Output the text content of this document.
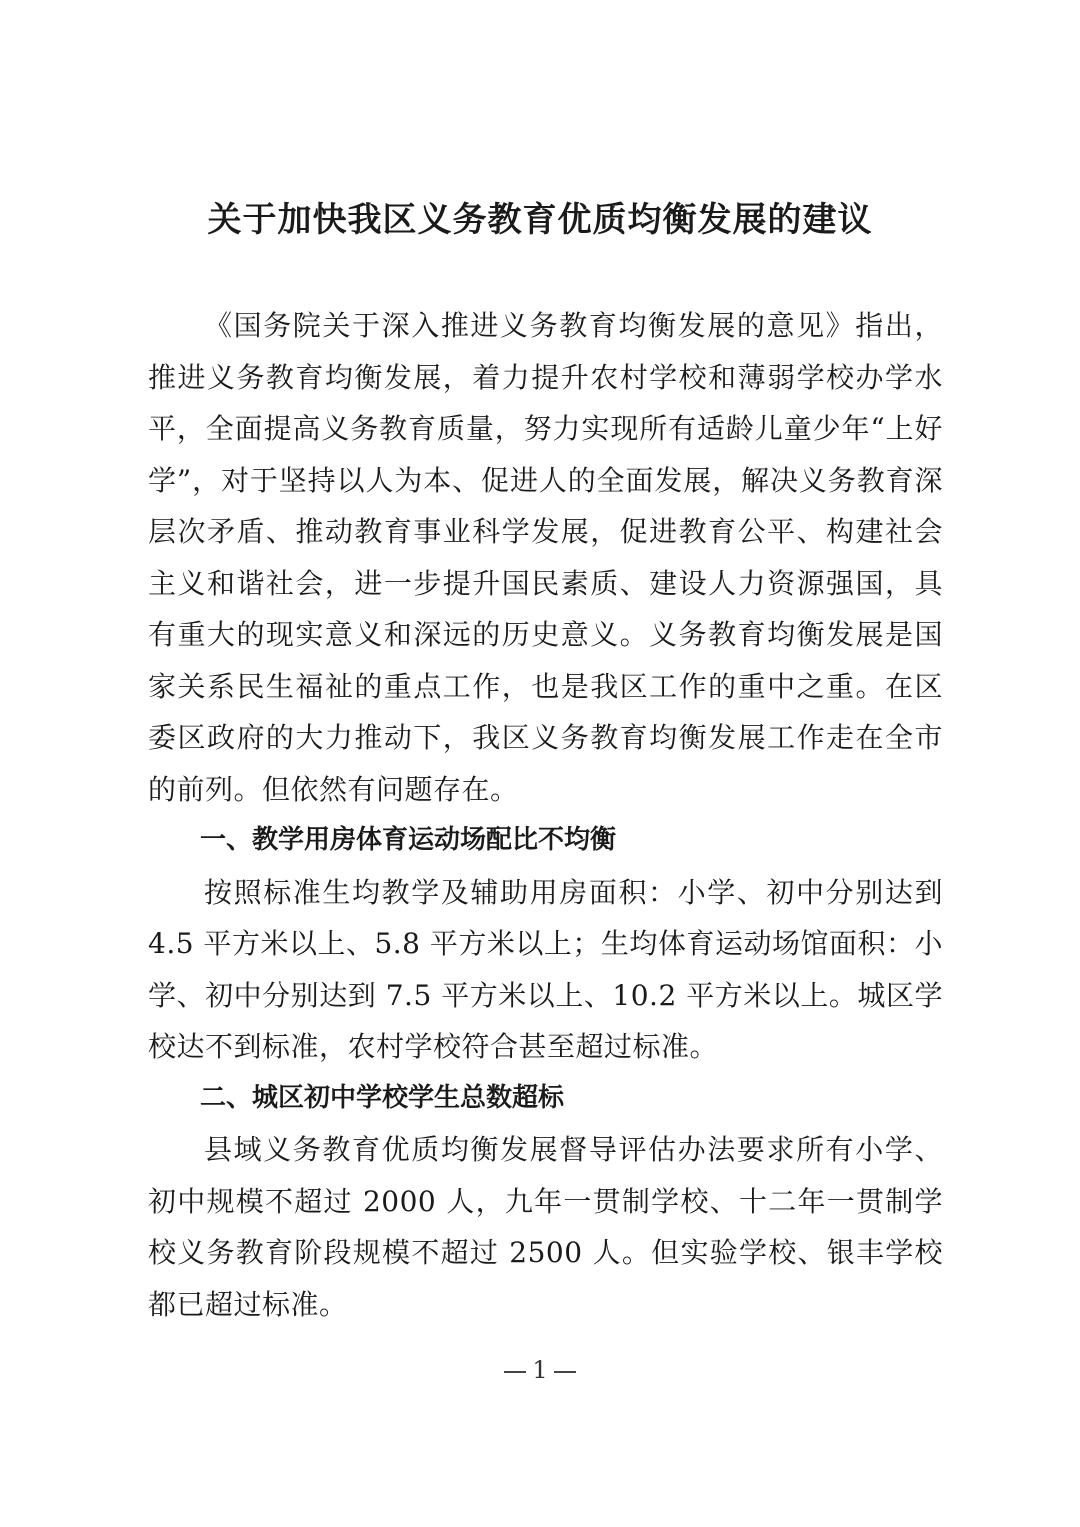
关于加快我区义务教育优质均衡发展的建议

《国务院关于深入推进义务教育均衡发展的意见》指出，推进义务教育均衡发展，着力提升农村学校和薄弱学校办学水平，全面提高义务教育质量，努力实现所有适龄儿童少年“上好学”，对于坚持以人为本、促进人的全面发展，解决义务教育深层次矛盾、推动教育事业科学发展，促进教育公平、构建社会主义和谐社会，进一步提升国民素质、建设人力资源强国，具有重大的现实意义和深远的历史意义。义务教育均衡发展是国家关系民生福祉的重点工作，也是我区工作的重中之重。在区委区政府的大力推动下，我区义务教育均衡发展工作走在全市的前列。但依然有问题存在。

一、教学用房体育运动场配比不均衡

按照标准生均教学及辅助用房面积：小学、初中分别达到4.5 平方米以上、5.8 平方米以上；生均体育运动场馆面积：小学、初中分别达到 7.5 平方米以上、10.2 平方米以上。城区学校达不到标准，农村学校符合甚至超过标准。

二、城区初中学校学生总数超标

县域义务教育优质均衡发展督导评估办法要求所有小学、初中规模不超过 2000 人，九年一贯制学校、十二年一贯制学校义务教育阶段规模不超过 2500 人。但实验学校、银丰学校都已超过标准。

1
